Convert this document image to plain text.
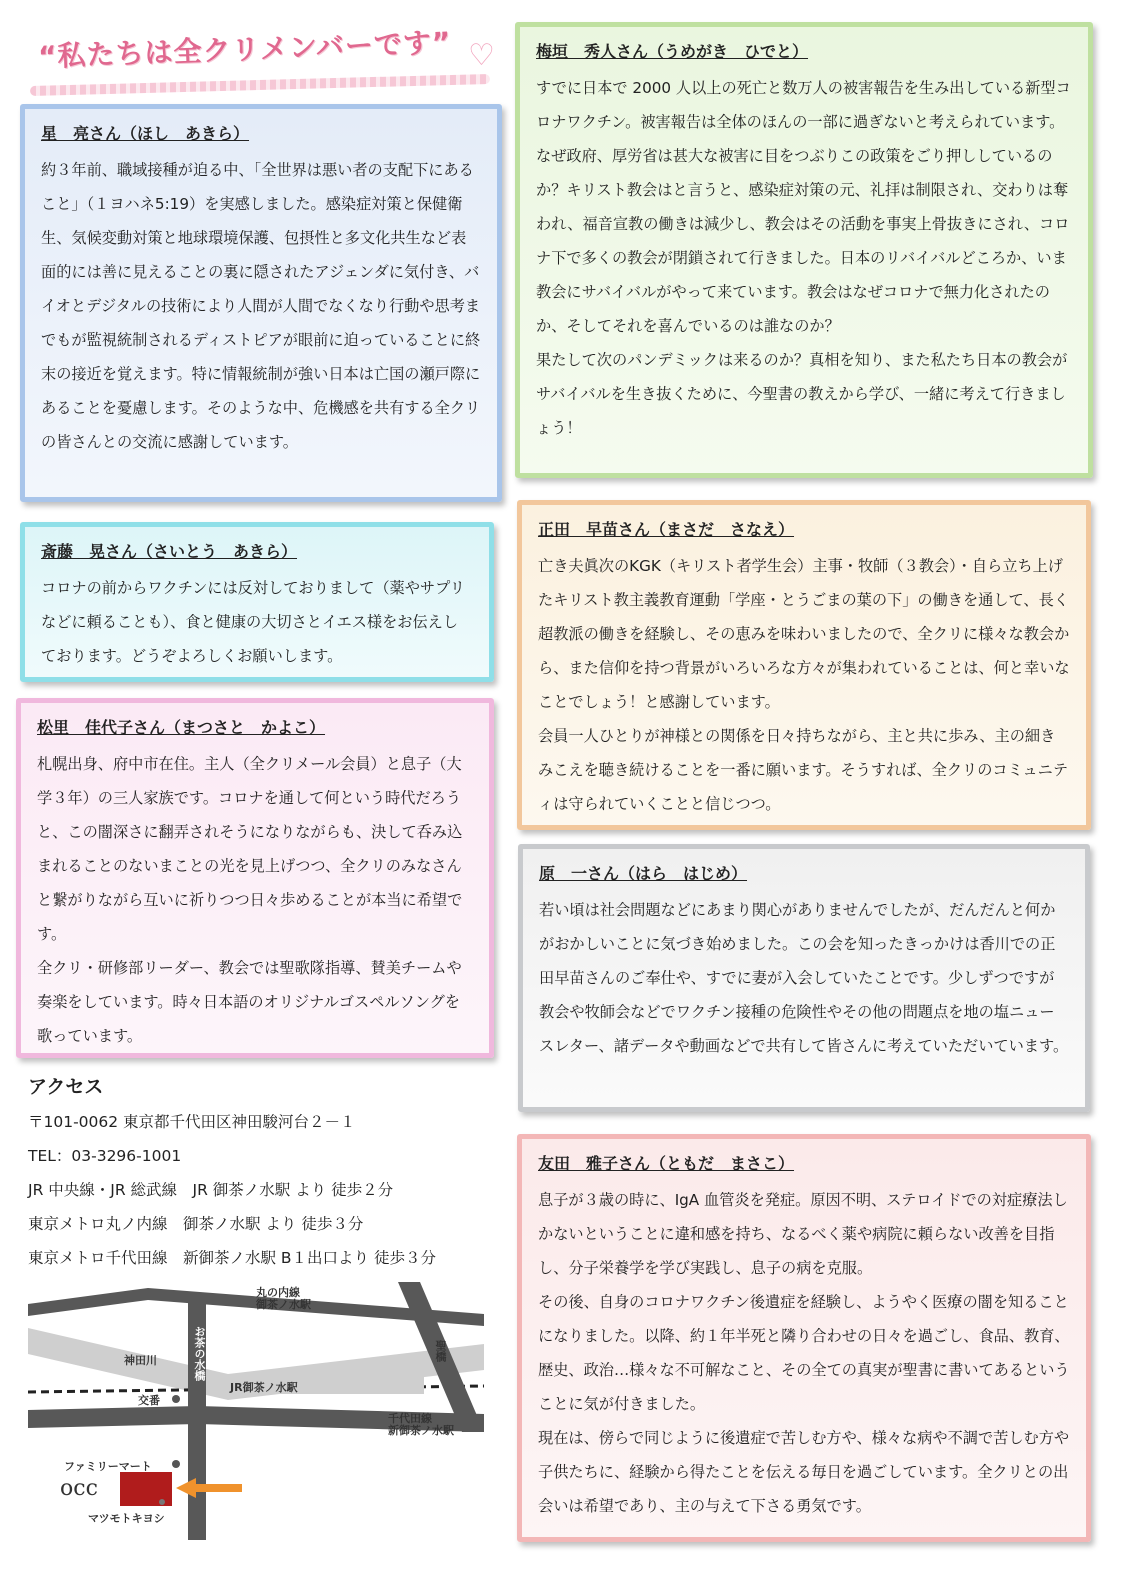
“私たちは全クリメンバーです” ♡
星　亮さん（ほし　あきら）

約３年前、職域接種が迫る中、「全世界は悪い者の支配下にあること」（１ヨハネ5:19）を実感しました。感染症対策と保健衛生、気候変動対策と地球環境保護、包摂性と多文化共生など表面的には善に見えることの裏に隠されたアジェンダに気付き、バイオとデジタルの技術により人間が人間でなくなり行動や思考までもが監視統制されるディストピアが眼前に迫っていることに終末の接近を覚えます。特に情報統制が強い日本は亡国の瀬戸際にあることを憂慮します。そのような中、危機感を共有する全クリの皆さんとの交流に感謝しています。

梅垣　秀人さん（うめがき　ひでと）

すでに日本で 2000 人以上の死亡と数万人の被害報告を生み出している新型コロナワクチン。被害報告は全体のほんの一部に過ぎないと考えられています。なぜ政府、厚労省は甚大な被害に目をつぶりこの政策をごり押ししているのか？キリスト教会はと言うと、感染症対策の元、礼拝は制限され、交わりは奪われ、福音宣教の働きは減少し、教会はその活動を事実上骨抜きにされ、コロナ下で多くの教会が閉鎖されて行きました。日本のリバイバルどころか、いま教会にサバイバルがやって来ています。教会はなぜコロナで無力化されたのか、そしてそれを喜んでいるのは誰なのか？

果たして次のパンデミックは来るのか？真相を知り、また私たち日本の教会がサバイバルを生き抜くために、今聖書の教えから学び、一緒に考えて行きましょう！

斎藤　晃さん（さいとう　あきら）

コロナの前からワクチンには反対しておりまして（薬やサプリなどに頼ることも）、食と健康の大切さとイエス様をお伝えしております。どうぞよろしくお願いします。

正田　早苗さん（まさだ　さなえ）

亡き夫眞次のKGK（キリスト者学生会）主事・牧師（３教会）・自ら立ち上げたキリスト教主義教育運動「学座・とうごまの葉の下」の働きを通して、長く超教派の働きを経験し、その恵みを味わいましたので、全クリに様々な教会から、また信仰を持つ背景がいろいろな方々が集われていることは、何と幸いなことでしょう！と感謝しています。

会員一人ひとりが神様との関係を日々持ちながら、主と共に歩み、主の細きみこえを聴き続けることを一番に願います。そうすれば、全クリのコミュニティは守られていくことと信じつつ。

松里　佳代子さん（まつさと　かよこ）

札幌出身、府中市在住。主人（全クリメール会員）と息子（大学３年）の三人家族です。コロナを通して何という時代だろうと、この闇深さに翻弄されそうになりながらも、決して呑み込まれることのないまことの光を見上げつつ、全クリのみなさんと繋がりながら互いに祈りつつ日々歩めることが本当に希望です。

全クリ・研修部リーダー、教会では聖歌隊指導、賛美チームや奏楽をしています。時々日本語のオリジナルゴスペルソングを歌っています。

原　一さん（はら　はじめ）

若い頃は社会問題などにあまり関心がありませんでしたが、だんだんと何かがおかしいことに気づき始めました。この会を知ったきっかけは香川での正田早苗さんのご奉仕や、すでに妻が入会していたことです。少しずつですが教会や牧師会などでワクチン接種の危険性やその他の問題点を地の塩ニュースレター、諸データや動画などで共有して皆さんに考えていただいています。

友田　雅子さん（ともだ　まさこ）

息子が３歳の時に、IgA 血管炎を発症。原因不明、ステロイドでの対症療法しかないということに違和感を持ち、なるべく薬や病院に頼らない改善を目指し、分子栄養学を学び実践し、息子の病を克服。

その後、自身のコロナワクチン後遺症を経験し、ようやく医療の闇を知ることになりました。以降、約１年半死と隣り合わせの日々を過ごし、食品、教育、歴史、政治…様々な不可解なこと、その全ての真実が聖書に書いてあるということに気が付きました。

現在は、傍らで同じように後遺症で苦しむ方や、様々な病や不調で苦しむ方や子供たちに、経験から得たことを伝える毎日を過ごしています。全クリとの出会いは希望であり、主の与えて下さる勇気です。

アクセス
〒101-0062 東京都千代田区神田駿河台２－１
TEL：03-3296-1001
JR 中央線・JR 総武線　JR 御茶ノ水駅 より 徒歩２分
東京メトロ丸ノ内線　御茶ノ水駅 より 徒歩３分
東京メトロ千代田線　新御茶ノ水駅 B１出口より 徒歩３分
丸の内線
御茶ノ水駅
お茶の水橋	聖橋
神田川
JR御茶ノ水駅
交番
千代田線
新御茶ノ水駅
ファミリーマート
occ
マツモトキヨシ
